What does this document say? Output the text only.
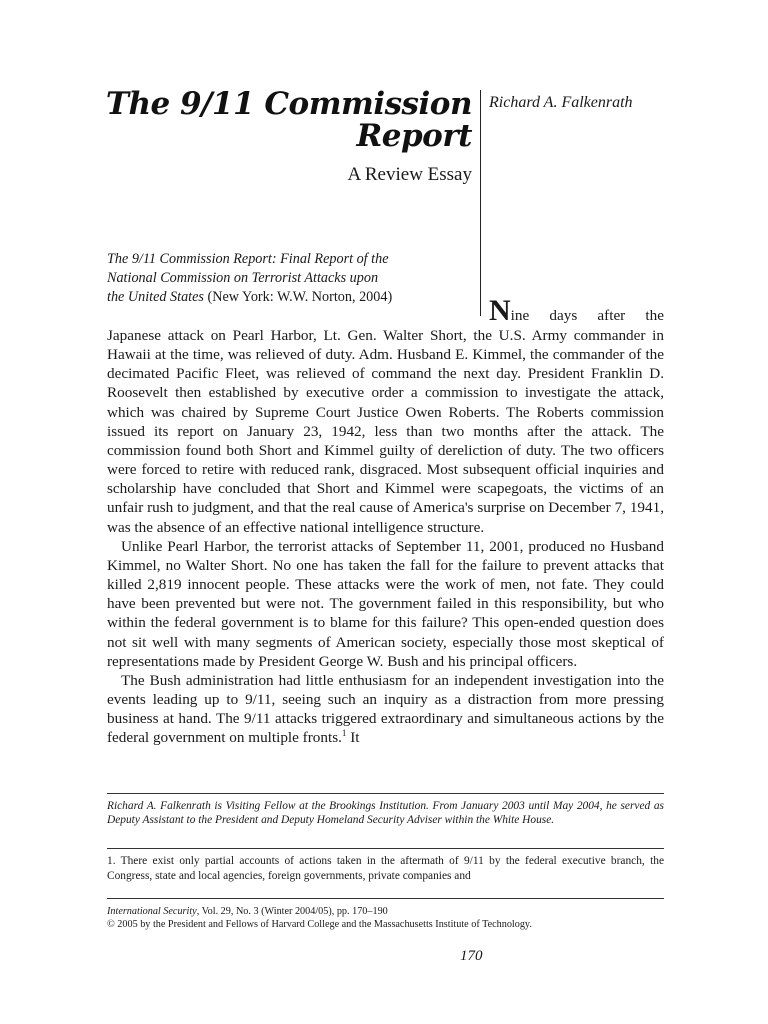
The 9/11 Commission
Report
A Review Essay
Richard A. Falkenrath
The 9/11 Commission Report: Final Report of the
National Commission on Terrorist Attacks upon
the United States (New York: W.W. Norton, 2004)	Nine days after the

Japanese attack on Pearl Harbor, Lt. Gen. Walter Short, the U.S. Army commander in Hawaii at the time, was relieved of duty. Adm. Husband E. Kimmel, the commander of the decimated Pacific Fleet, was relieved of command the next day. President Franklin D. Roosevelt then established by executive order a commission to investigate the attack, which was chaired by Supreme Court Justice Owen Roberts. The Roberts commission issued its report on January 23, 1942, less than two months after the attack. The commission found both Short and Kimmel guilty of dereliction of duty. The two officers were forced to retire with reduced rank, disgraced. Most subsequent official inquiries and scholarship have concluded that Short and Kimmel were scapegoats, the victims of an unfair rush to judgment, and that the real cause of America's surprise on December 7, 1941, was the absence of an effective national intelligence structure.

Unlike Pearl Harbor, the terrorist attacks of September 11, 2001, produced no Husband Kimmel, no Walter Short. No one has taken the fall for the failure to prevent attacks that killed 2,819 innocent people. These attacks were the work of men, not fate. They could have been prevented but were not. The government failed in this responsibility, but who within the federal government is to blame for this failure? This open-ended question does not sit well with many segments of American society, especially those most skeptical of representations made by President George W. Bush and his principal officers.

The Bush administration had little enthusiasm for an independent investigation into the events leading up to 9/11, seeing such an inquiry as a distraction from more pressing business at hand. The 9/11 attacks triggered extraordinary and simultaneous actions by the federal government on multiple fronts.$^1$ It

Richard A. Falkenrath is Visiting Fellow at the Brookings Institution. From January 2003 until May 2004, he served as Deputy Assistant to the President and Deputy Homeland Security Adviser within the White House.
1. There exist only partial accounts of actions taken in the aftermath of 9/11 by the federal executive branch, the Congress, state and local agencies, foreign governments, private companies and
International Security, Vol. 29, No. 3 (Winter 2004/05), pp. 170–190
© 2005 by the President and Fellows of Harvard College and the Massachusetts Institute of Technology.
170
